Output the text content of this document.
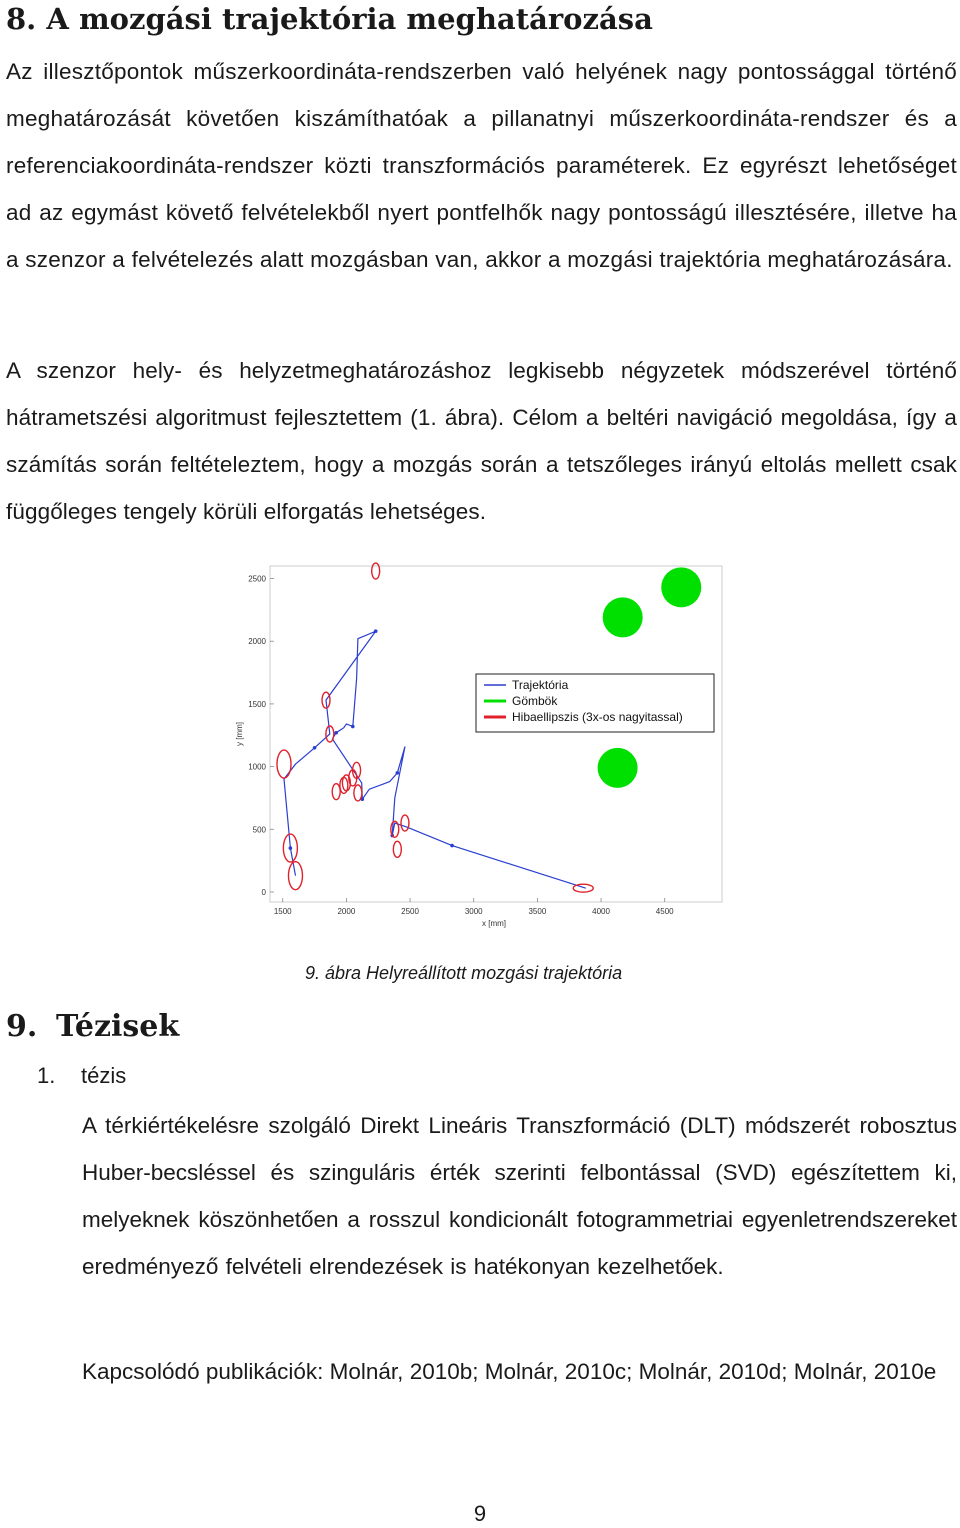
8. A mozgási trajektória meghatározása

Az illesztőpontok műszerkoordináta-rendszerben való helyének nagy pontossággal történő meghatározását követően kiszámíthatóak a pillanatnyi műszerkoordináta-rendszer és a referenciakoordináta-rendszer közti transzformációs paraméterek. Ez egyrészt lehetőséget ad az egymást követő felvételekből nyert pontfelhők nagy pontosságú illesztésére, illetve ha a szenzor a felvételezés alatt mozgásban van, akkor a mozgási trajektória meghatározására.

A szenzor hely- és helyzetmeghatározáshoz legkisebb négyzetek módszerével történő hátrametszési algoritmust fejlesztettem (1. ábra). Célom a beltéri navigáció megoldása, így a számítás során feltételeztem, hogy a mozgás során a tetszőleges irányú eltolás mellett csak függőleges tengely körüli elforgatás lehetséges.

1500	2000	2500	3000	3500	4000	4500
0
500
1000
1500
2000
2500
x [mm]
y [mm]
Trajektória
Gömbök
Hibaellipszis (3x-os nagyitassal)
9. ábra Helyreállított mozgási trajektória
9. Tézisek
1. tézis

A térkiértékelésre szolgáló Direkt Lineáris Transzformáció (DLT) módszerét robosztus Huber-becsléssel és szinguláris érték szerinti felbontással (SVD) egészítettem ki, melyeknek köszönhetően a rosszul kondicionált fotogrammetriai egyenletrendszereket eredményező felvételi elrendezések is hatékonyan kezelhetőek.

Kapcsolódó publikációk: Molnár, 2010b; Molnár, 2010c; Molnár, 2010d; Molnár, 2010e

9
